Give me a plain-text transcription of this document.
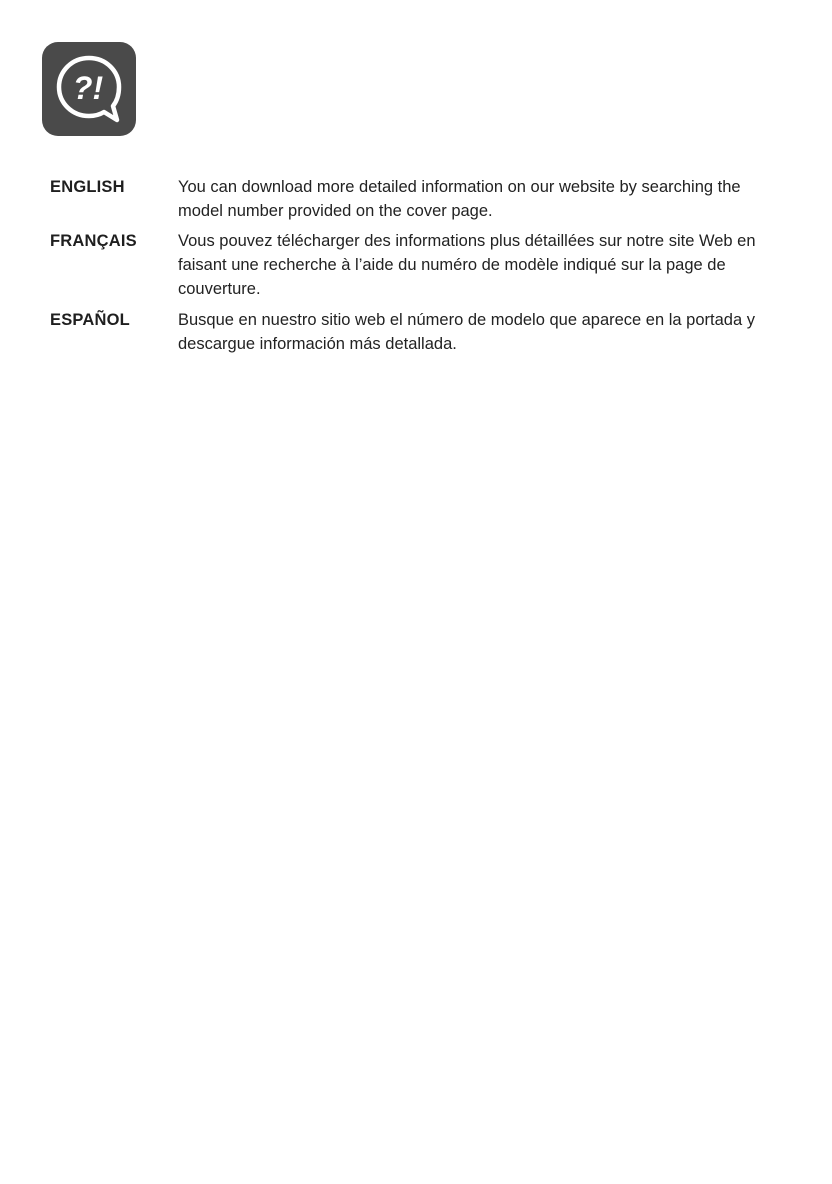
?!
ENGLISH	You can download more detailed information on our website by searching the model number provided on the cover page.
FRANÇAIS	Vous pouvez télécharger des informations plus détaillées sur notre site Web en faisant une recherche à l’aide du numéro de modèle indiqué sur la page de couverture.
ESPAÑOL	Busque en nuestro sitio web el número de modelo que aparece en la portada y descargue información más detallada.
